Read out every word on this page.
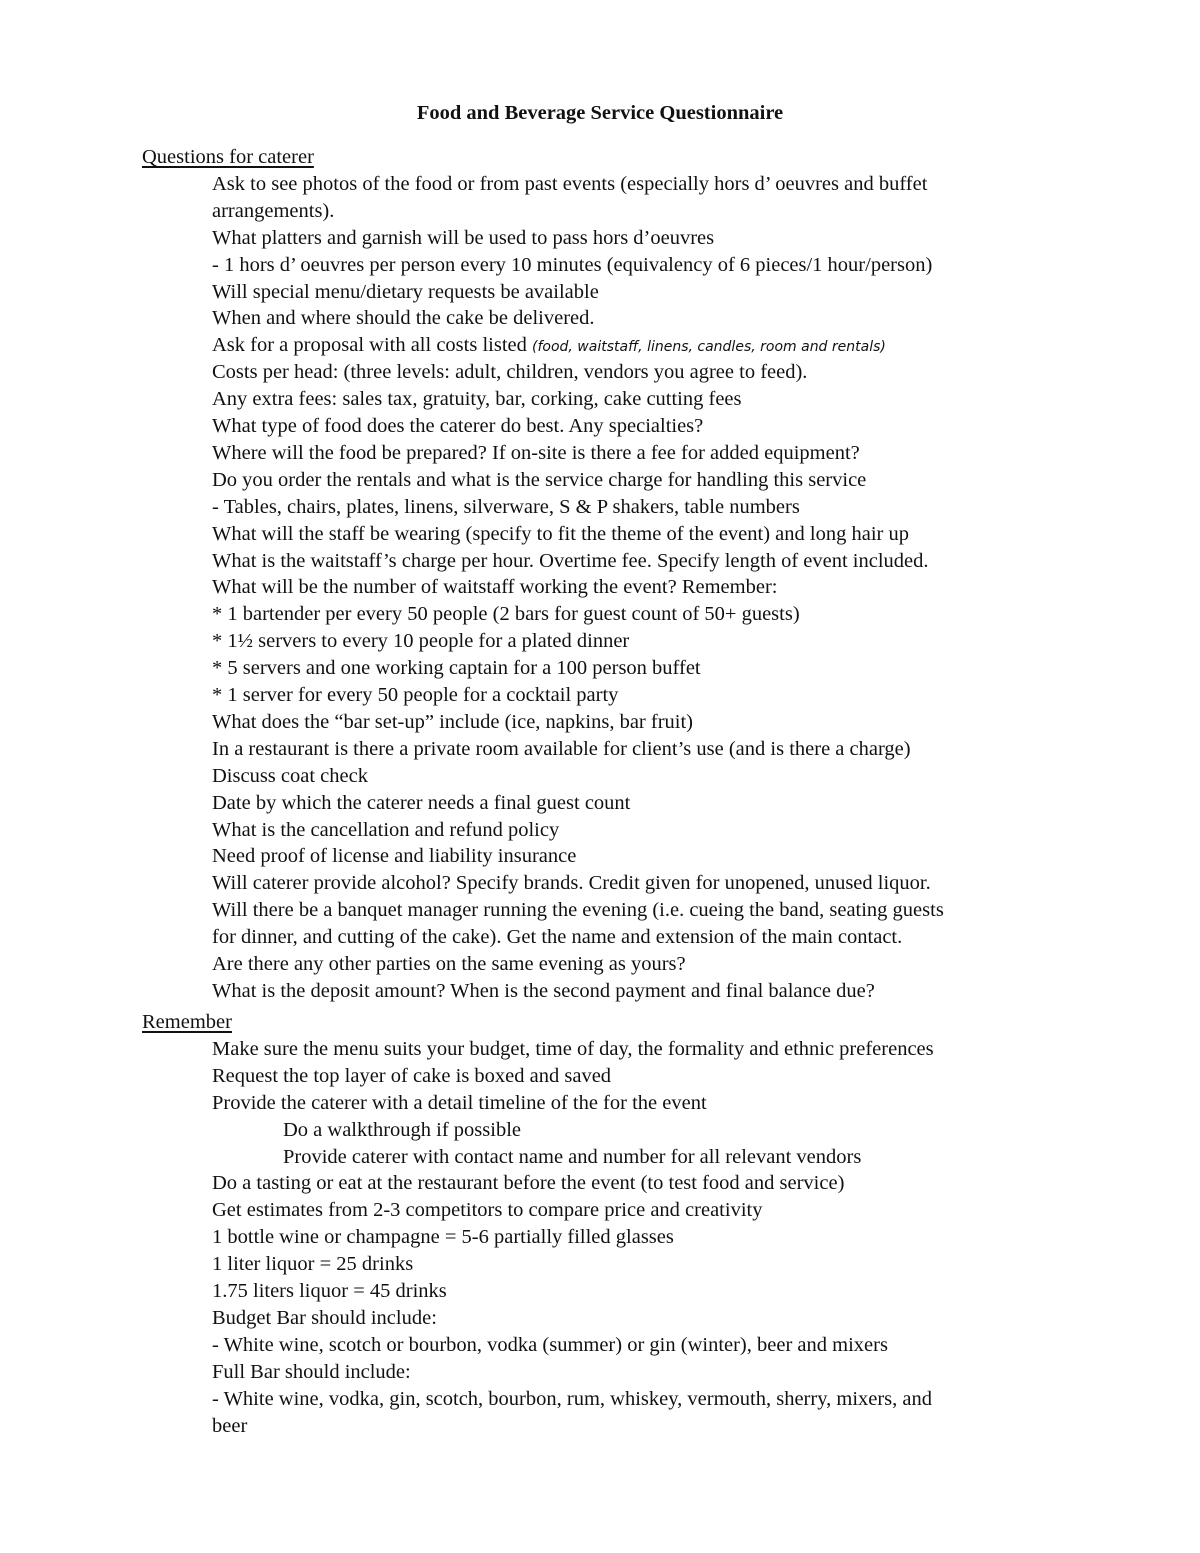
Food and Beverage Service Questionnaire
Questions for caterer
Ask to see photos of the food or from past events (especially hors d’ oeuvres and buffet
arrangements).
What platters and garnish will be used to pass hors d’oeuvres
- 1 hors d’ oeuvres per person every 10 minutes (equivalency of 6 pieces/1 hour/person)
Will special menu/dietary requests be available
When and where should the cake be delivered.
Ask for a proposal with all costs listed (food, waitstaff, linens, candles, room and rentals)
Costs per head: (three levels: adult, children, vendors you agree to feed).
Any extra fees: sales tax, gratuity, bar, corking, cake cutting fees
What type of food does the caterer do best. Any specialties?
Where will the food be prepared? If on-site is there a fee for added equipment?
Do you order the rentals and what is the service charge for handling this service
- Tables, chairs, plates, linens, silverware, S & P shakers, table numbers
What will the staff be wearing (specify to fit the theme of the event) and long hair up
What is the waitstaff’s charge per hour. Overtime fee. Specify length of event included.
What will be the number of waitstaff working the event? Remember:
* 1 bartender per every 50 people (2 bars for guest count of 50+ guests)
* 1½ servers to every 10 people for a plated dinner
* 5 servers and one working captain for a 100 person buffet
* 1 server for every 50 people for a cocktail party
What does the “bar set-up” include (ice, napkins, bar fruit)
In a restaurant is there a private room available for client’s use (and is there a charge)
Discuss coat check
Date by which the caterer needs a final guest count
What is the cancellation and refund policy
Need proof of license and liability insurance
Will caterer provide alcohol? Specify brands. Credit given for unopened, unused liquor.
Will there be a banquet manager running the evening (i.e. cueing the band, seating guests
for dinner, and cutting of the cake). Get the name and extension of the main contact.
Are there any other parties on the same evening as yours?
What is the deposit amount? When is the second payment and final balance due?
Remember
Make sure the menu suits your budget, time of day, the formality and ethnic preferences
Request the top layer of cake is boxed and saved
Provide the caterer with a detail timeline of the for the event
Do a walkthrough if possible
Provide caterer with contact name and number for all relevant vendors
Do a tasting or eat at the restaurant before the event (to test food and service)
Get estimates from 2-3 competitors to compare price and creativity
1 bottle wine or champagne = 5-6 partially filled glasses
1 liter liquor = 25 drinks
1.75 liters liquor = 45 drinks
Budget Bar should include:
- White wine, scotch or bourbon, vodka (summer) or gin (winter), beer and mixers
Full Bar should include:
- White wine, vodka, gin, scotch, bourbon, rum, whiskey, vermouth, sherry, mixers, and
beer
